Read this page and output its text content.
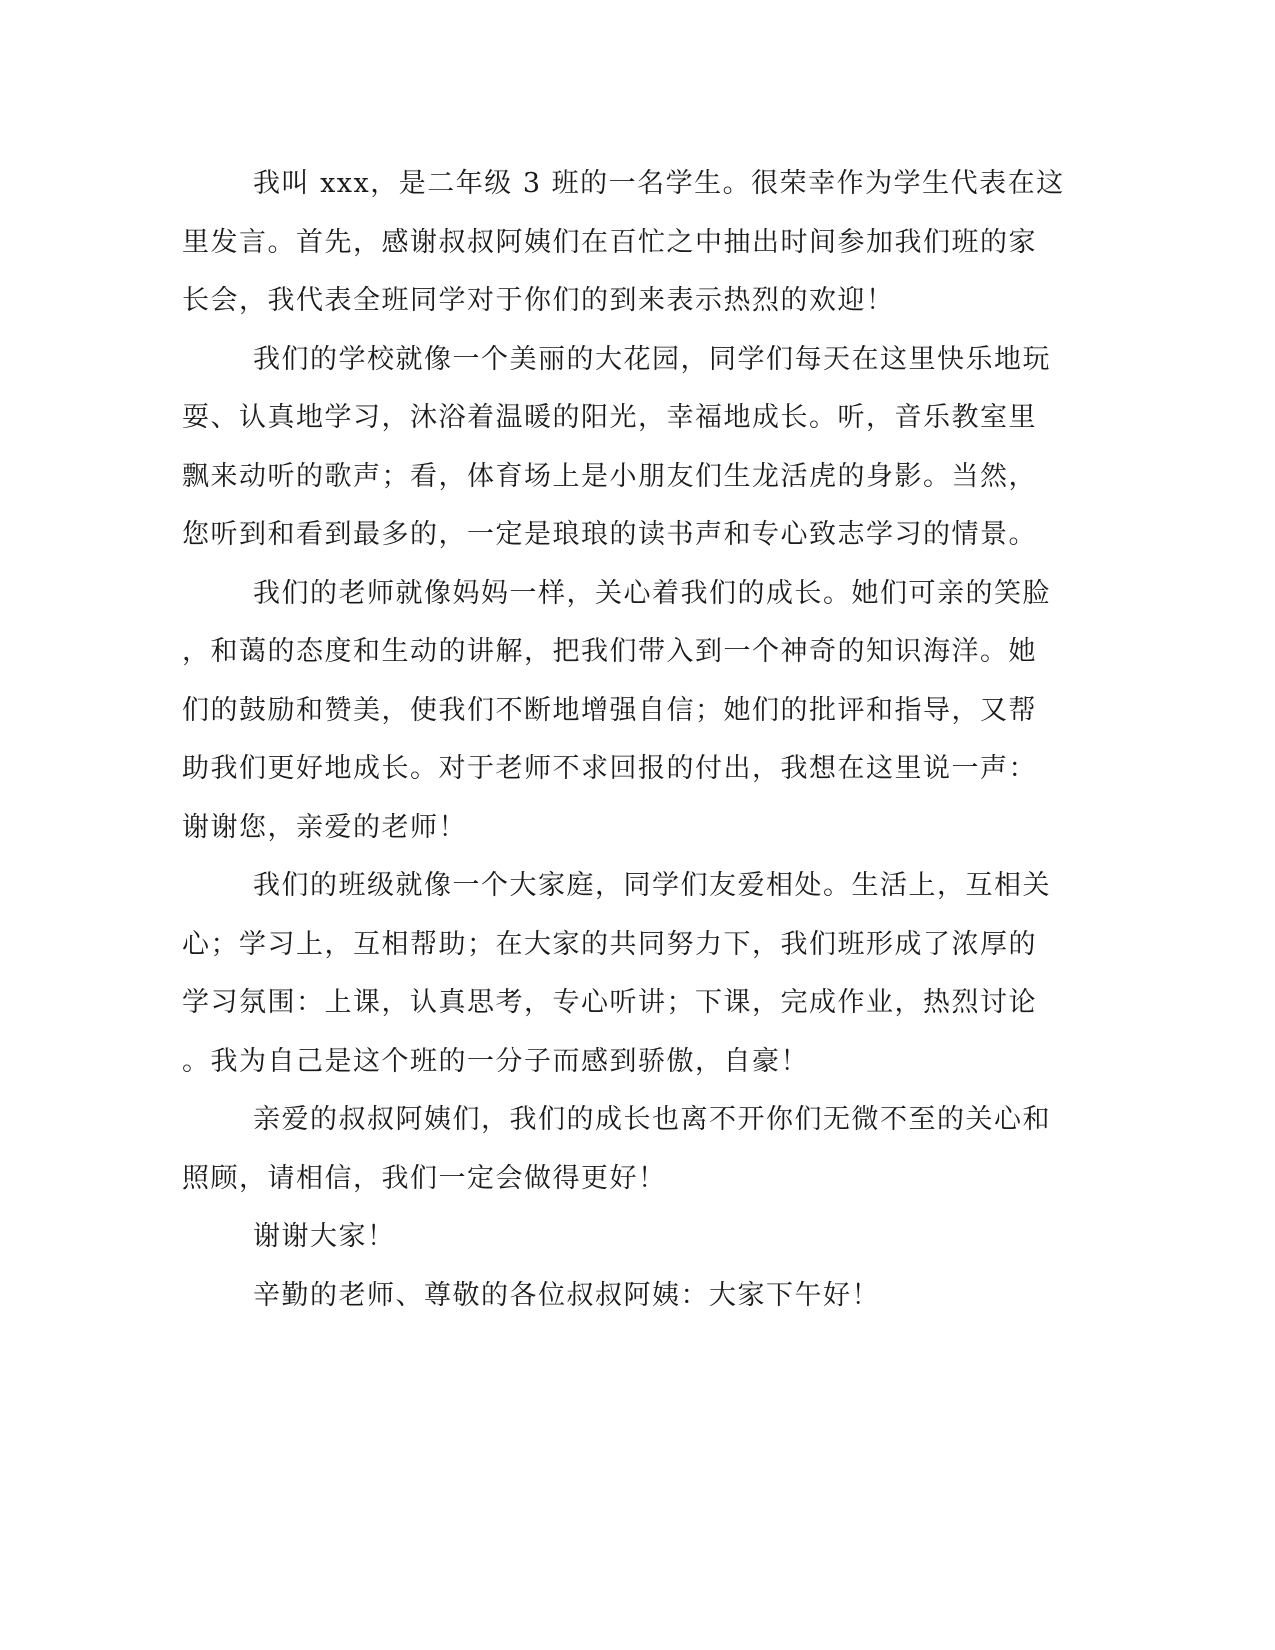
我叫 xxx，是二年级 3 班的一名学生。很荣幸作为学生代表在这
里发言。首先，感谢叔叔阿姨们在百忙之中抽出时间参加我们班的家
长会，我代表全班同学对于你们的到来表示热烈的欢迎！
我们的学校就像一个美丽的大花园，同学们每天在这里快乐地玩
耍、认真地学习，沐浴着温暖的阳光，幸福地成长。听，音乐教室里
飘来动听的歌声；看，体育场上是小朋友们生龙活虎的身影。当然，
您听到和看到最多的，一定是琅琅的读书声和专心致志学习的情景。
我们的老师就像妈妈一样，关心着我们的成长。她们可亲的笑脸
，和蔼的态度和生动的讲解，把我们带入到一个神奇的知识海洋。她
们的鼓励和赞美，使我们不断地增强自信；她们的批评和指导，又帮
助我们更好地成长。对于老师不求回报的付出，我想在这里说一声：
谢谢您，亲爱的老师！
我们的班级就像一个大家庭，同学们友爱相处。生活上，互相关
心；学习上，互相帮助；在大家的共同努力下，我们班形成了浓厚的
学习氛围：上课，认真思考，专心听讲；下课，完成作业，热烈讨论
。我为自己是这个班的一分子而感到骄傲，自豪！
亲爱的叔叔阿姨们，我们的成长也离不开你们无微不至的关心和
照顾，请相信，我们一定会做得更好！
谢谢大家！
辛勤的老师、尊敬的各位叔叔阿姨：大家下午好！
